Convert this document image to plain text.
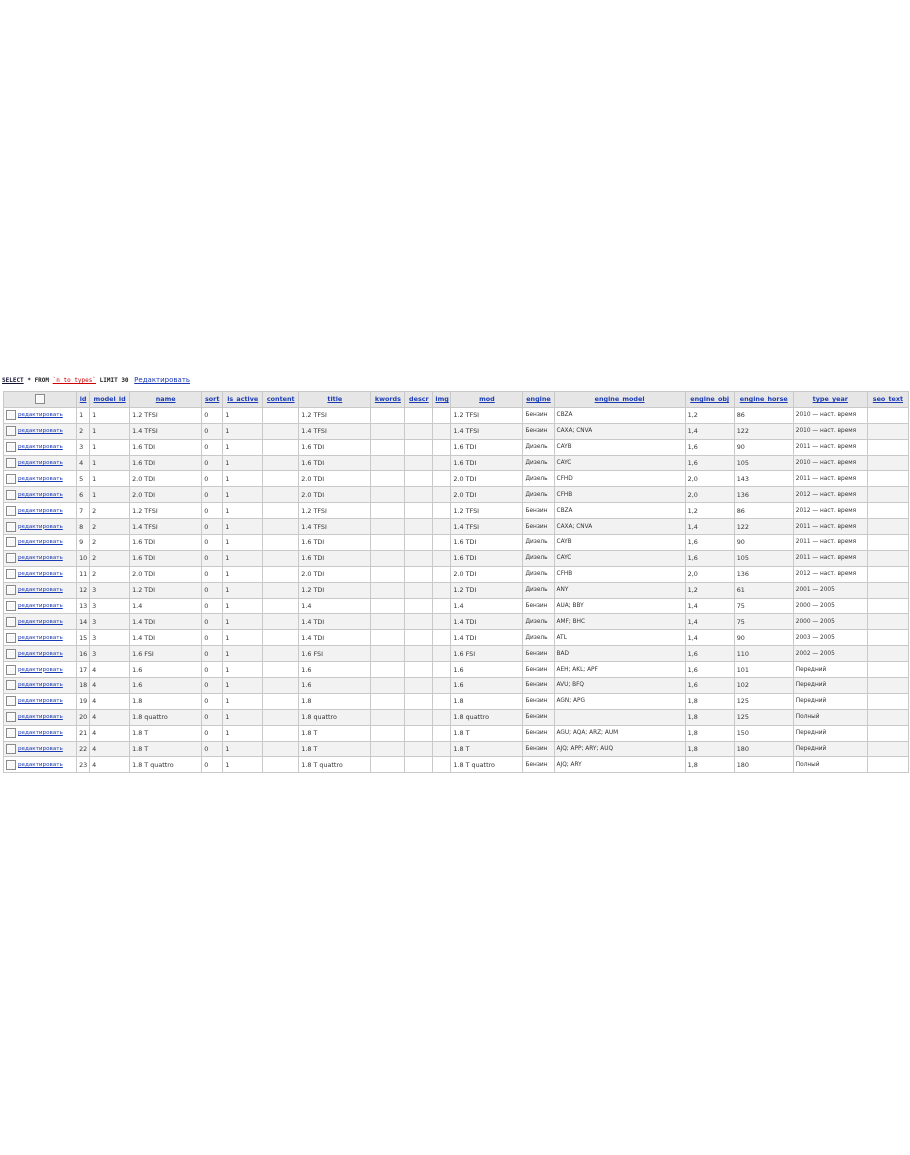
SELECT * FROM `n_to_types` LIMIT 30 Редактировать
	id	model_id	name	sort	is_active	content	title	kwords	descr	img	mod	engine	engine_model	engine_obj	engine_horse	type_year	seo_text
редактировать	1	1	1.2 TFSI	0	1		1.2 TFSI				1.2 TFSI	Бензин	CBZA	1,2	86	2010 — наст. время	
редактировать	2	1	1.4 TFSI	0	1		1.4 TFSI				1.4 TFSI	Бензин	CAXA; CNVA	1,4	122	2010 — наст. время	
редактировать	3	1	1.6 TDI	0	1		1.6 TDI				1.6 TDI	Дизель	CAYB	1,6	90	2011 — наст. время	
редактировать	4	1	1.6 TDI	0	1		1.6 TDI				1.6 TDI	Дизель	CAYC	1,6	105	2010 — наст. время	
редактировать	5	1	2.0 TDI	0	1		2.0 TDI				2.0 TDI	Дизель	CFHD	2,0	143	2011 — наст. время	
редактировать	6	1	2.0 TDI	0	1		2.0 TDI				2.0 TDI	Дизель	CFHB	2,0	136	2012 — наст. время	
редактировать	7	2	1.2 TFSI	0	1		1.2 TFSI				1.2 TFSI	Бензин	CBZA	1,2	86	2012 — наст. время	
редактировать	8	2	1.4 TFSI	0	1		1.4 TFSI				1.4 TFSI	Бензин	CAXA; CNVA	1,4	122	2011 — наст. время	
редактировать	9	2	1.6 TDI	0	1		1.6 TDI				1.6 TDI	Дизель	CAYB	1,6	90	2011 — наст. время	
редактировать	10	2	1.6 TDI	0	1		1.6 TDI				1.6 TDI	Дизель	CAYC	1,6	105	2011 — наст. время	
редактировать	11	2	2.0 TDI	0	1		2.0 TDI				2.0 TDI	Дизель	CFHB	2,0	136	2012 — наст. время	
редактировать	12	3	1.2 TDI	0	1		1.2 TDI				1.2 TDI	Дизель	ANY	1,2	61	2001 — 2005	
редактировать	13	3	1.4	0	1		1.4				1.4	Бензин	AUA; BBY	1,4	75	2000 — 2005	
редактировать	14	3	1.4 TDI	0	1		1.4 TDI				1.4 TDI	Дизель	AMF; BHC	1,4	75	2000 — 2005	
редактировать	15	3	1.4 TDI	0	1		1.4 TDI				1.4 TDI	Дизель	ATL	1,4	90	2003 — 2005	
редактировать	16	3	1.6 FSI	0	1		1.6 FSI				1.6 FSI	Бензин	BAD	1,6	110	2002 — 2005	
редактировать	17	4	1.6	0	1		1.6				1.6	Бензин	AEH; AKL; APF	1,6	101	Передний	
редактировать	18	4	1.6	0	1		1.6				1.6	Бензин	AVU; BFQ	1,6	102	Передний	
редактировать	19	4	1.8	0	1		1.8				1.8	Бензин	AGN; APG	1,8	125	Передний	
редактировать	20	4	1.8 quattro	0	1		1.8 quattro				1.8 quattro	Бензин		1,8	125	Полный	
редактировать	21	4	1.8 T	0	1		1.8 T				1.8 T	Бензин	AGU; AQA; ARZ; AUM	1,8	150	Передний	
редактировать	22	4	1.8 T	0	1		1.8 T				1.8 T	Бензин	AJQ; APP; ARY; AUQ	1,8	180	Передний	
редактировать	23	4	1.8 T quattro	0	1		1.8 T quattro				1.8 T quattro	Бензин	AJQ; ARY	1,8	180	Полный	
